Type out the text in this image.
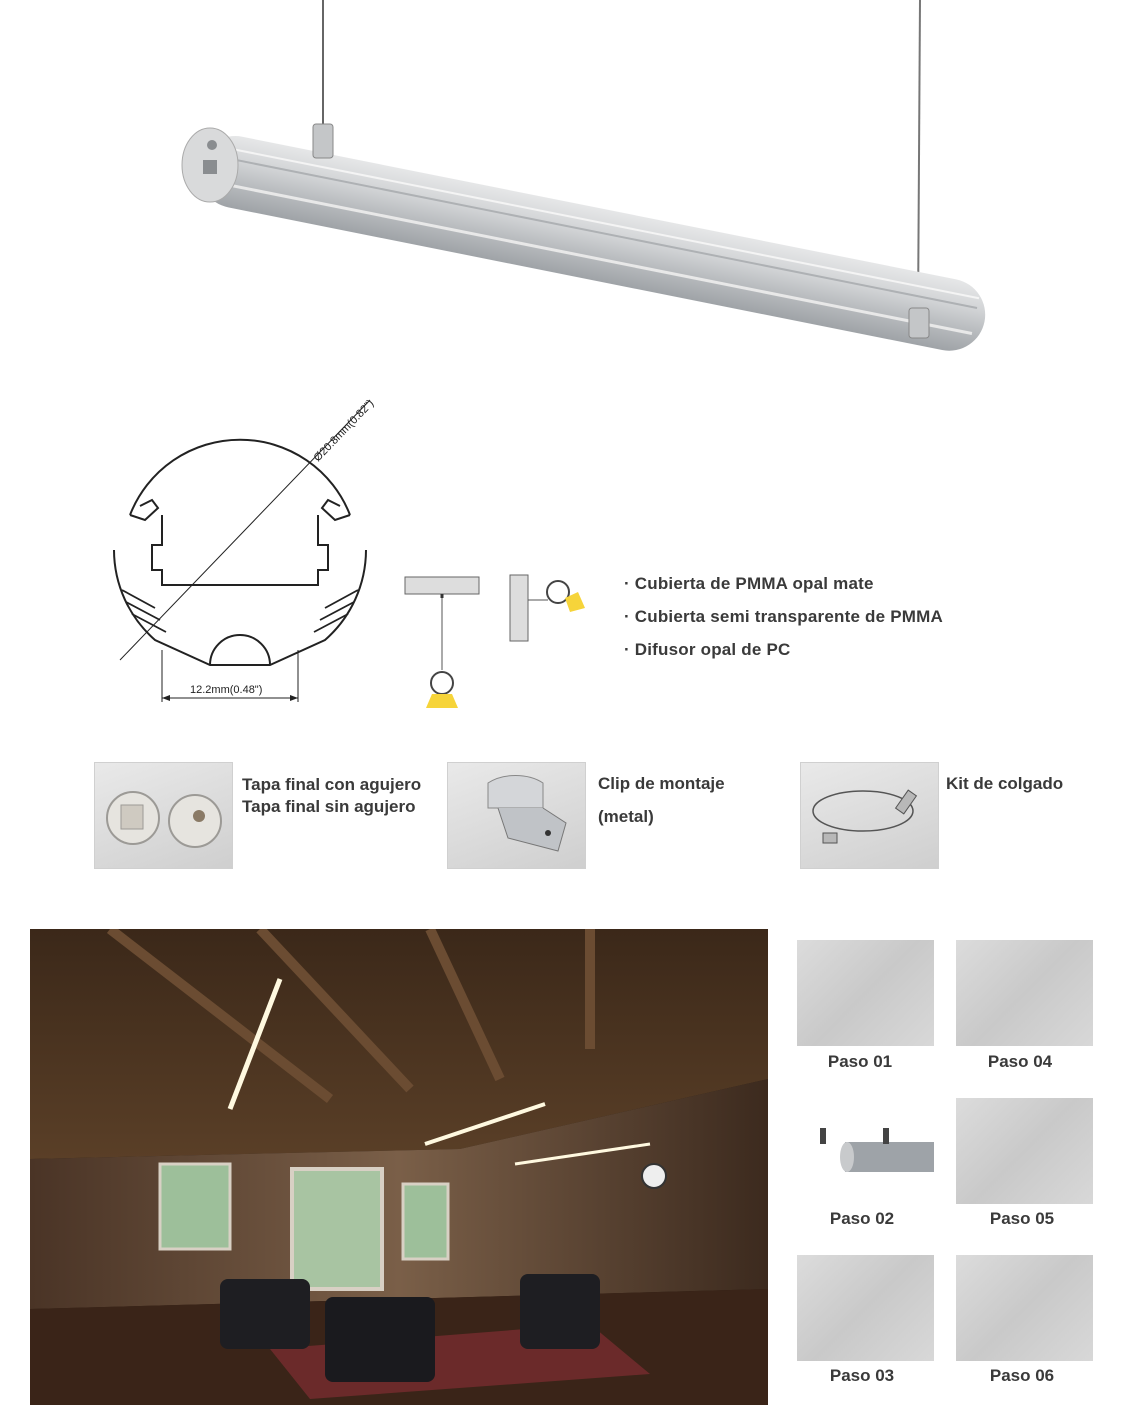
Ø20.8mm(0.82")
12.2mm(0.48")
· Cubierta de PMMA opal mate
· Cubierta semi transparente de PMMA
· Difusor opal de PC
Tapa final con agujero
Tapa final sin agujero
Clip de montaje
(metal)
Kit de colgado
Paso 01
Paso 02
Paso 03
Paso 04
Paso 05
Paso 06
